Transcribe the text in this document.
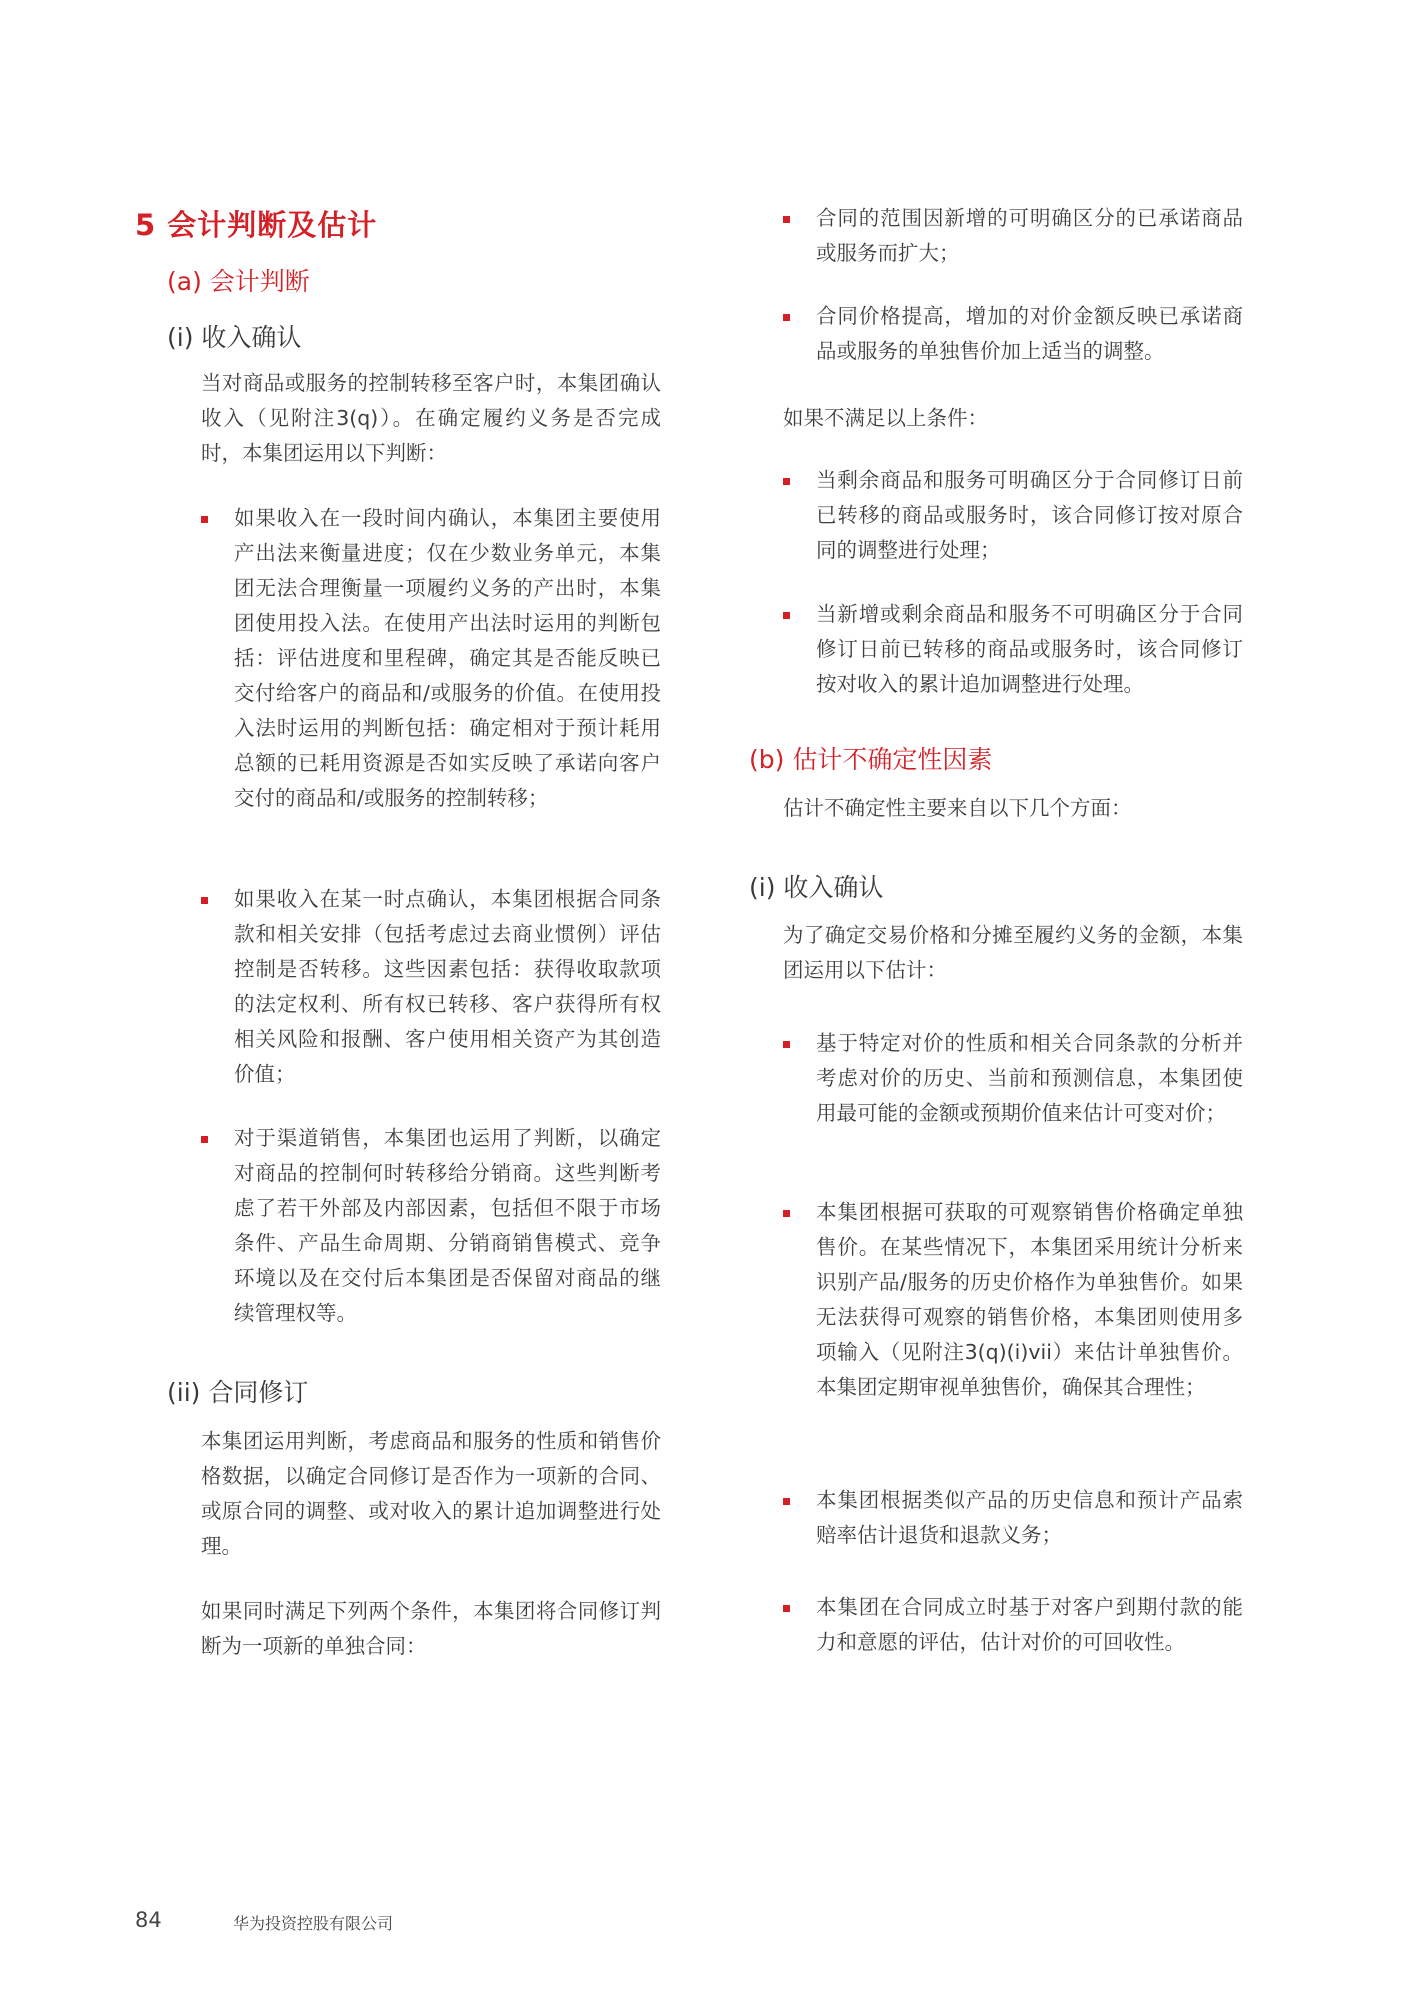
5 会计判断及估计
(a) 会计判断
(i) 收入确认
当对商品或服务的控制转移至客户时，本集团确认收入（见附注3(q)）。在确定履约义务是否完成时，本集团运用以下判断：
如果收入在一段时间内确认，本集团主要使用产出法来衡量进度；仅在少数业务单元，本集团无法合理衡量一项履约义务的产出时，本集团使用投入法。在使用产出法时运用的判断包括：评估进度和里程碑，确定其是否能反映已交付给客户的商品和/或服务的价值。在使用投入法时运用的判断包括：确定相对于预计耗用总额的已耗用资源是否如实反映了承诺向客户交付的商品和/或服务的控制转移；
如果收入在某一时点确认，本集团根据合同条款和相关安排（包括考虑过去商业惯例）评估控制是否转移。这些因素包括：获得收取款项的法定权利、所有权已转移、客户获得所有权相关风险和报酬、客户使用相关资产为其创造价值；
对于渠道销售，本集团也运用了判断，以确定对商品的控制何时转移给分销商。这些判断考虑了若干外部及内部因素，包括但不限于市场条件、产品生命周期、分销商销售模式、竞争环境以及在交付后本集团是否保留对商品的继续管理权等。
(ii) 合同修订
本集团运用判断，考虑商品和服务的性质和销售价格数据，以确定合同修订是否作为一项新的合同、或原合同的调整、或对收入的累计追加调整进行处理。
如果同时满足下列两个条件，本集团将合同修订判断为一项新的单独合同：
合同的范围因新增的可明确区分的已承诺商品或服务而扩大；
合同价格提高，增加的对价金额反映已承诺商品或服务的单独售价加上适当的调整。
如果不满足以上条件：
当剩余商品和服务可明确区分于合同修订日前已转移的商品或服务时，该合同修订按对原合同的调整进行处理；
当新增或剩余商品和服务不可明确区分于合同修订日前已转移的商品或服务时，该合同修订按对收入的累计追加调整进行处理。
(b) 估计不确定性因素
估计不确定性主要来自以下几个方面：
(i) 收入确认
为了确定交易价格和分摊至履约义务的金额，本集团运用以下估计：
基于特定对价的性质和相关合同条款的分析并考虑对价的历史、当前和预测信息，本集团使用最可能的金额或预期价值来估计可变对价；
本集团根据可获取的可观察销售价格确定单独售价。在某些情况下，本集团采用统计分析来识别产品/服务的历史价格作为单独售价。如果无法获得可观察的销售价格，本集团则使用多项输入（见附注3(q)(i)vii）来估计单独售价。本集团定期审视单独售价，确保其合理性；
本集团根据类似产品的历史信息和预计产品索赔率估计退货和退款义务；
本集团在合同成立时基于对客户到期付款的能力和意愿的评估，估计对价的可回收性。
84	华为投资控股有限公司
